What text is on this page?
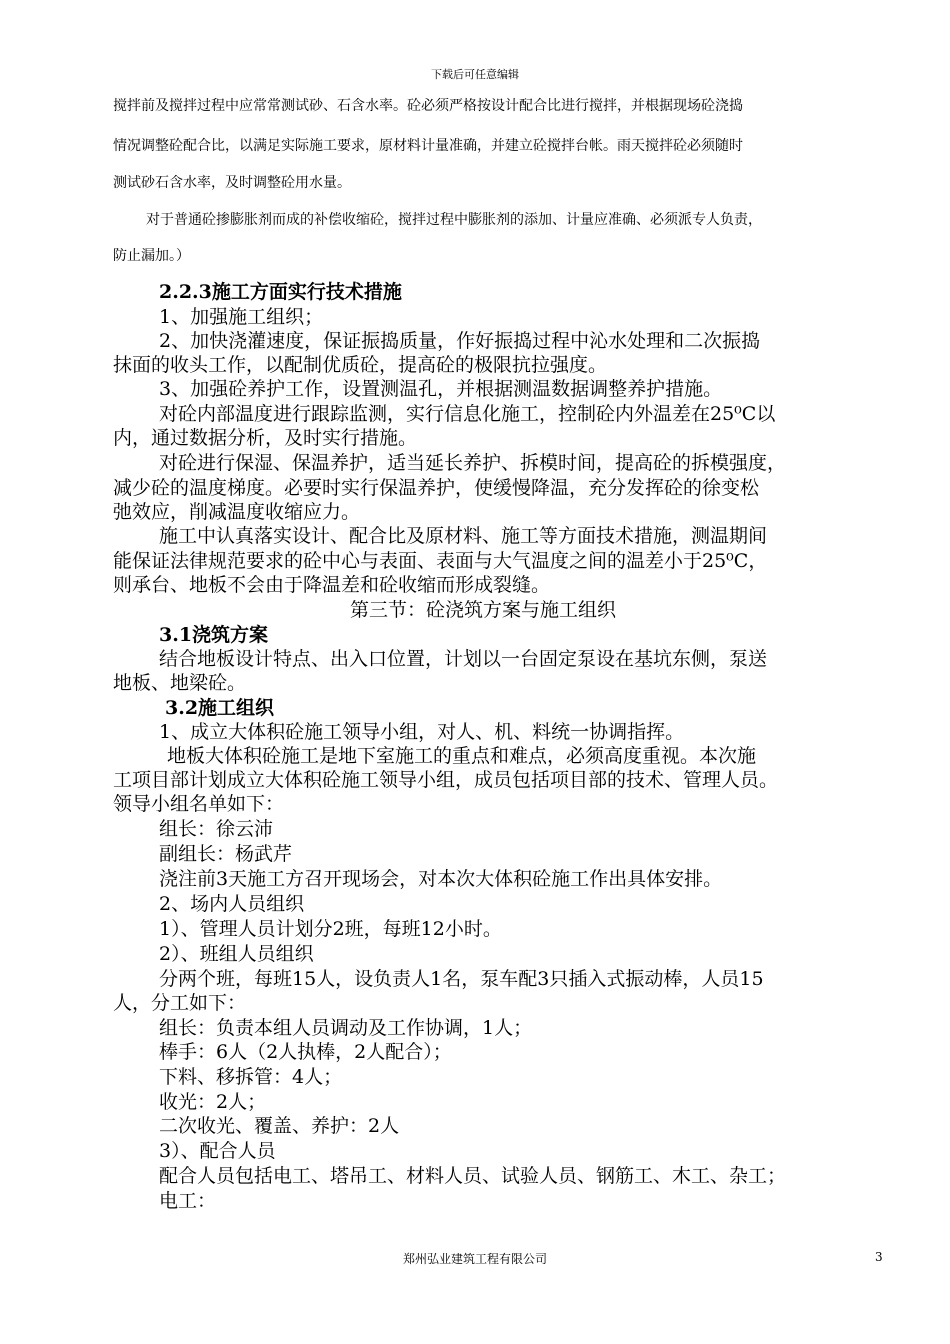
下载后可任意编辑
搅拌前及搅拌过程中应常常测试砂、石含水率。砼必须严格按设计配合比进行搅拌，并根据现场砼浇捣
情况调整砼配合比，以满足实际施工要求，原材料计量准确，并建立砼搅拌台帐。雨天搅拌砼必须随时
测试砂石含水率，及时调整砼用水量。
对于普通砼掺膨胀剂而成的补偿收缩砼，搅拌过程中膨胀剂的添加、计量应准确、必须派专人负责，
防止漏加。）
2.2.3施工方面实行技术措施
1、加强施工组织；
2、加快浇灌速度，保证振捣质量，作好振捣过程中沁水处理和二次振捣
抹面的收头工作，以配制优质砼，提高砼的极限抗拉强度。
3、加强砼养护工作，设置测温孔，并根据测温数据调整养护措施。
对砼内部温度进行跟踪监测，实行信息化施工，控制砼内外温差在25⁰C以
内，通过数据分析，及时实行措施。
对砼进行保湿、保温养护，适当延长养护、拆模时间，提高砼的拆模强度，
减少砼的温度梯度。必要时实行保温养护，使缓慢降温，充分发挥砼的徐变松
弛效应，削减温度收缩应力。
施工中认真落实设计、配合比及原材料、施工等方面技术措施，测温期间
能保证法律规范要求的砼中心与表面、表面与大气温度之间的温差小于25⁰C，
则承台、地板不会由于降温差和砼收缩而形成裂缝。
第三节：砼浇筑方案与施工组织
3.1浇筑方案
结合地板设计特点、出入口位置，计划以一台固定泵设在基坑东侧，泵送
地板、地梁砼。
3.2施工组织
1、成立大体积砼施工领导小组，对人、机、料统一协调指挥。
地板大体积砼施工是地下室施工的重点和难点，必须高度重视。本次施
工项目部计划成立大体积砼施工领导小组，成员包括项目部的技术、管理人员。
领导小组名单如下：
组长：徐云沛
副组长：杨武芹
浇注前3天施工方召开现场会，对本次大体积砼施工作出具体安排。
2、场内人员组织
1）、管理人员计划分2班，每班12小时。
2）、班组人员组织
分两个班，每班15人，设负责人1名，泵车配3只插入式振动棒，人员15
人，分工如下：
组长：负责本组人员调动及工作协调，1人；
棒手：6人（2人执棒，2人配合）；
下料、移拆管：4人；
收光：2人；
二次收光、覆盖、养护：2人
3）、配合人员
配合人员包括电工、塔吊工、材料人员、试验人员、钢筋工、木工、杂工；
电工：
郑州弘业建筑工程有限公司	3
